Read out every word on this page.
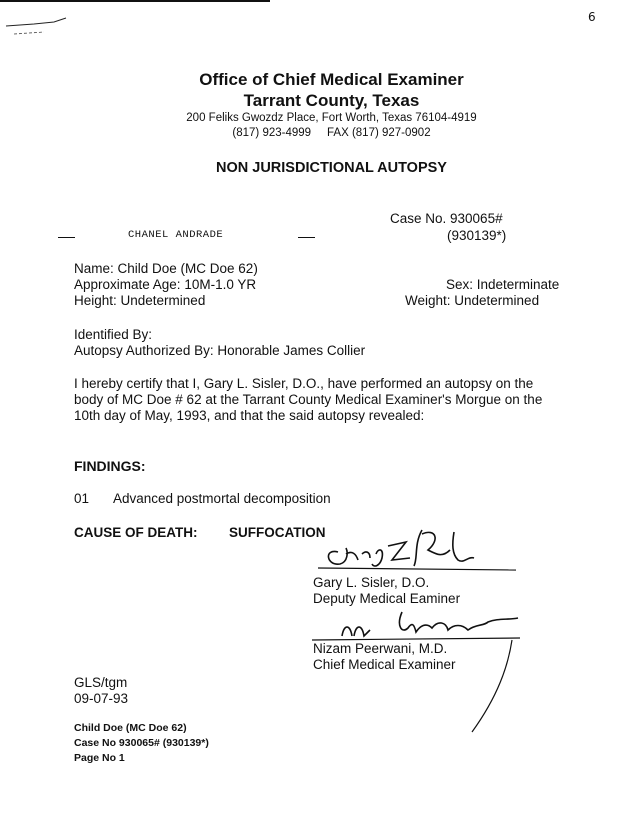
6
Office of Chief Medical Examiner
Tarrant County, Texas
200 Feliks Gwozdz Place, Fort Worth, Texas 76104-4919
(817) 923-4999     FAX (817) 927-0902
NON JURISDICTIONAL AUTOPSY
Case No. 930065#
(930139*)
CHANEL ANDRADE
Name: Child Doe (MC Doe 62)
Approximate Age: 10M-1.0 YR
Height: Undetermined
Sex: Indeterminate
Weight: Undetermined
Identified By:
Autopsy Authorized By: Honorable James Collier
I hereby certify that I, Gary L. Sisler, D.O., have performed an autopsy on the
body of MC Doe # 62 at the Tarrant County Medical Examiner's Morgue on the
10th day of May, 1993, and that the said autopsy revealed:
FINDINGS:
01 Advanced postmortal decomposition
CAUSE OF DEATH: SUFFOCATION
Gary L. Sisler, D.O.
Deputy Medical Eaminer
Nizam Peerwani, M.D.
Chief Medical Examiner
GLS/tgm
09-07-93
Child Doe (MC Doe 62)
Case No 930065# (930139*)
Page No 1
